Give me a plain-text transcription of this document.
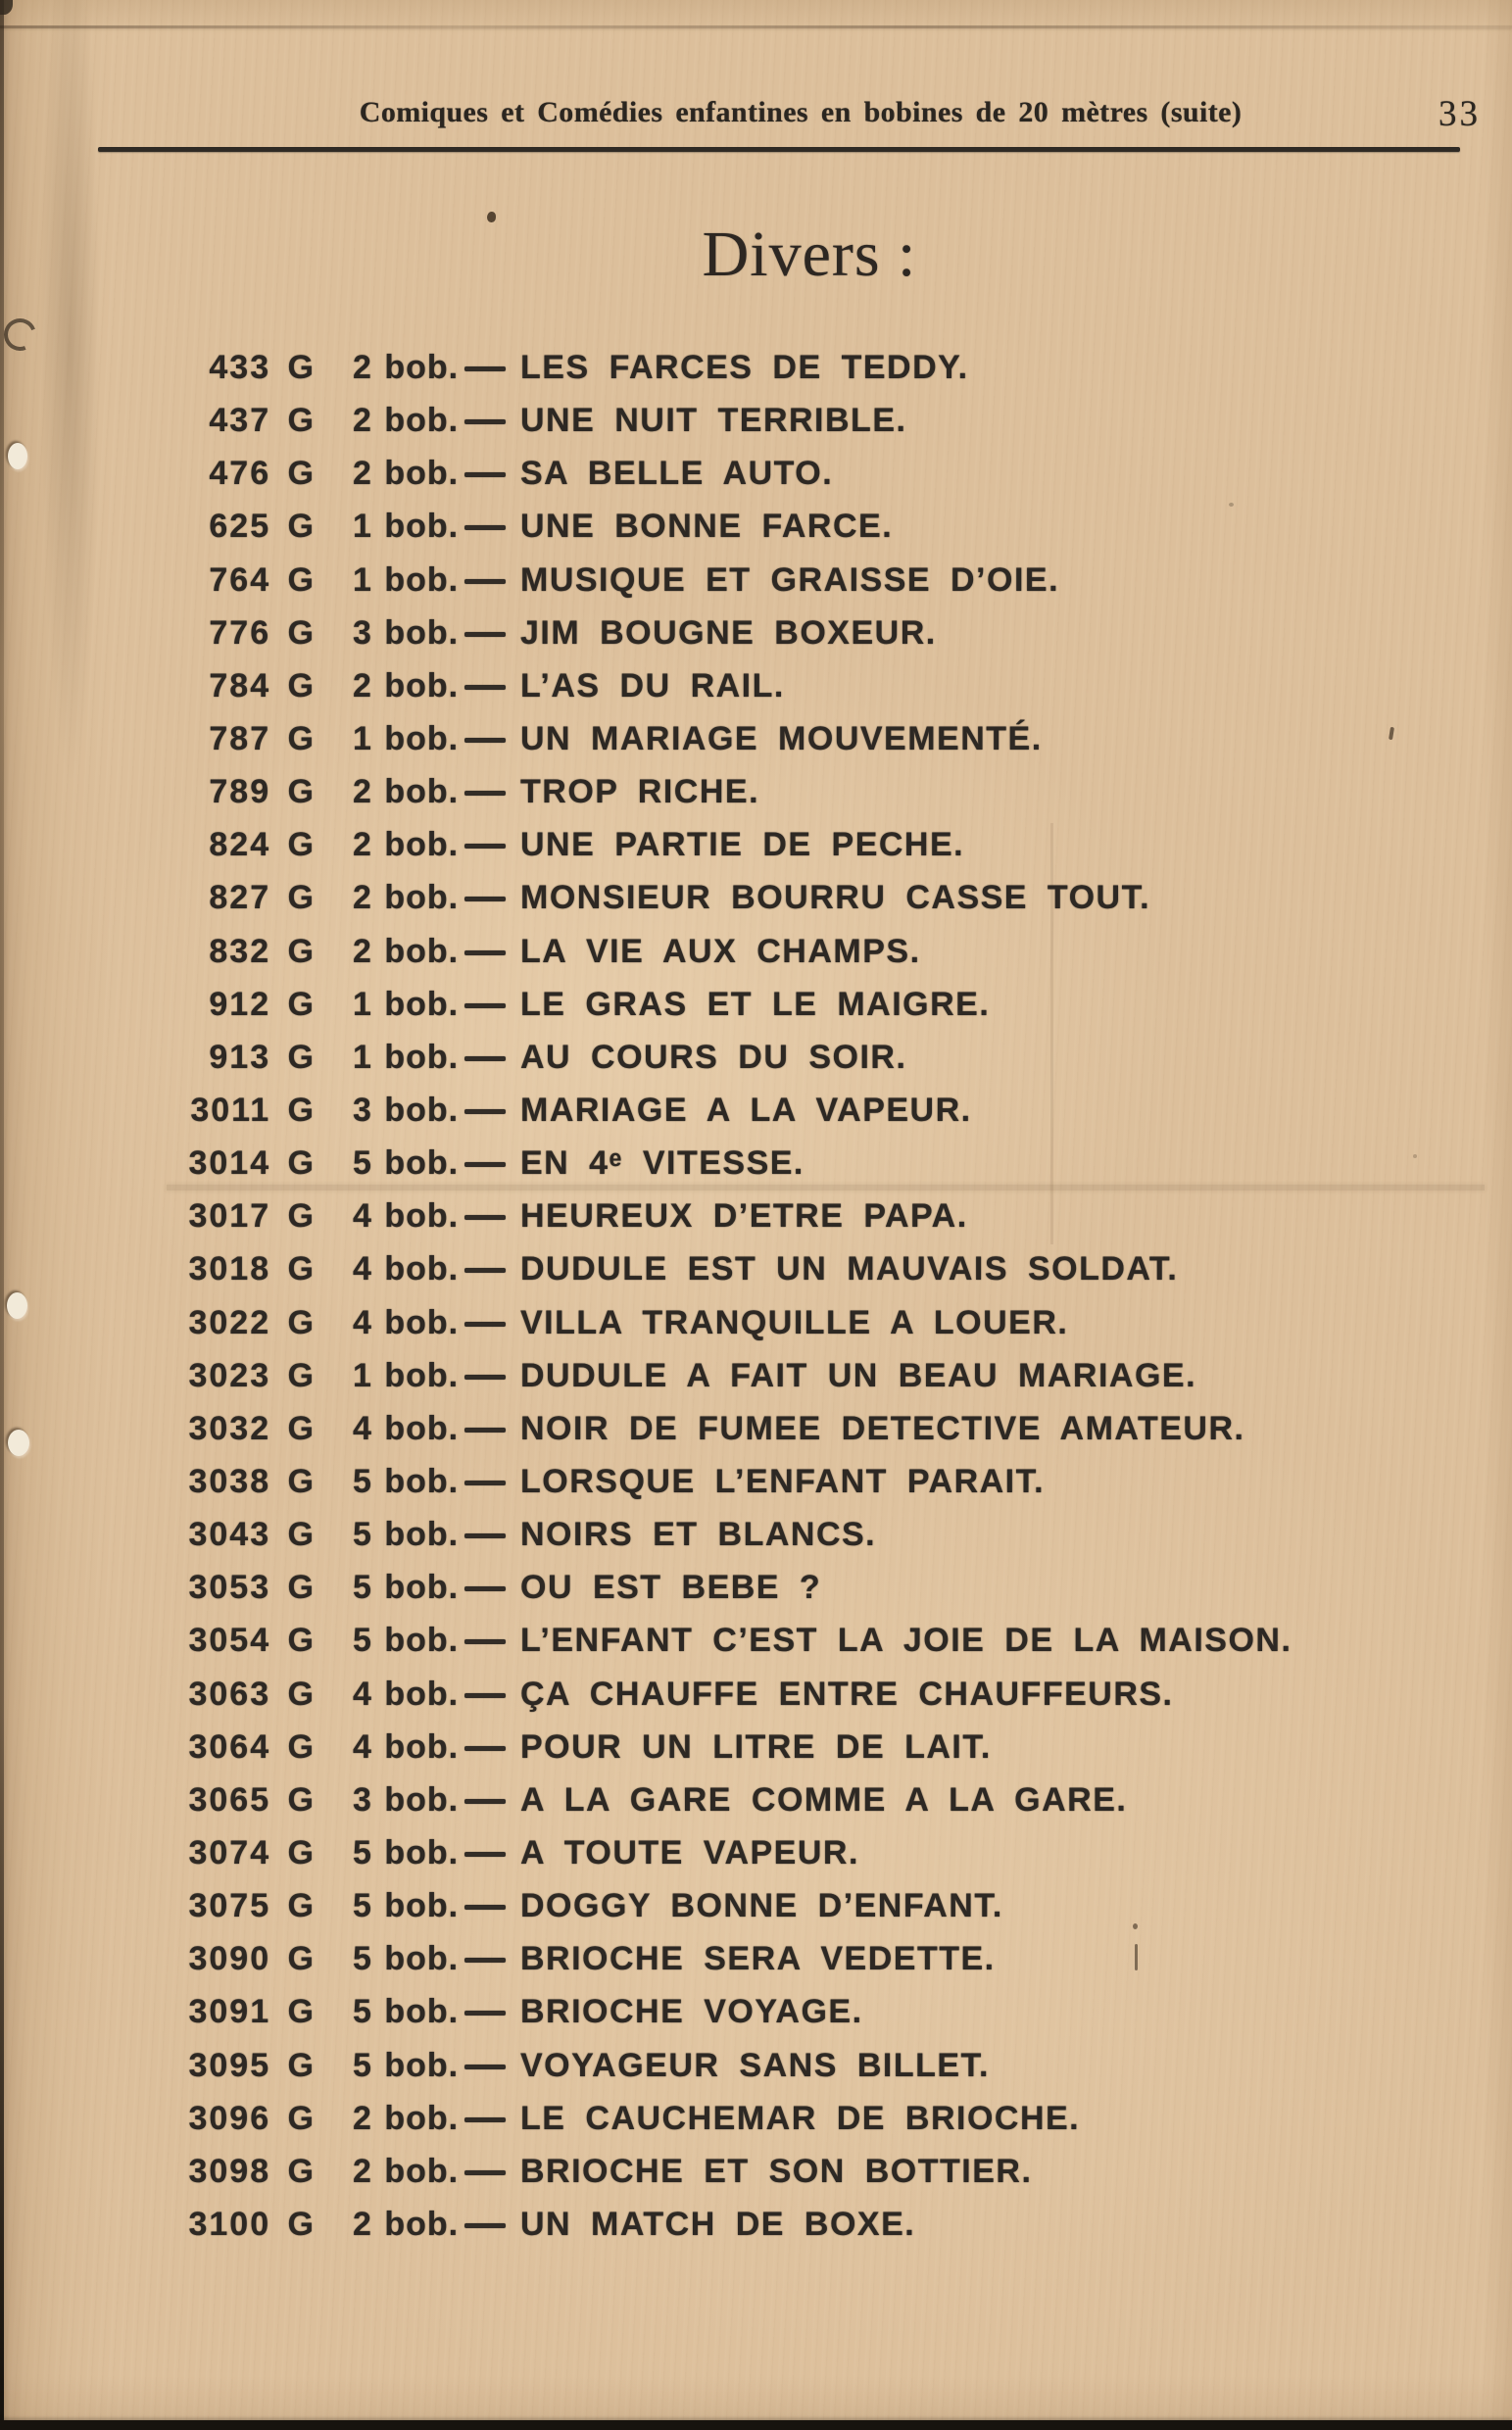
Comiques et Comédies enfantines en bobines de 20 mètres (suite)	33
Divers :
433 G 2 bob. LES FARCES DE TEDDY.
437 G 2 bob. UNE NUIT TERRIBLE.
476 G 2 bob. SA BELLE AUTO.
625 G 1 bob. UNE BONNE FARCE.
764 G 1 bob. MUSIQUE ET GRAISSE D’OIE.
776 G 3 bob. JIM BOUGNE BOXEUR.
784 G 2 bob. L’AS DU RAIL.
787 G 1 bob. UN MARIAGE MOUVEMENTÉ.
789 G 2 bob. TROP RICHE.
824 G 2 bob. UNE PARTIE DE PECHE.
827 G 2 bob. MONSIEUR BOURRU CASSE TOUT.
832 G 2 bob. LA VIE AUX CHAMPS.
912 G 1 bob. LE GRAS ET LE MAIGRE.
913 G 1 bob. AU COURS DU SOIR.
3011 G 3 bob. MARIAGE A LA VAPEUR.
3014 G 5 bob. EN 4ᵉ VITESSE.
3017 G 4 bob. HEUREUX D’ETRE PAPA.
3018 G 4 bob. DUDULE EST UN MAUVAIS SOLDAT.
3022 G 4 bob. VILLA TRANQUILLE A LOUER.
3023 G 1 bob. DUDULE A FAIT UN BEAU MARIAGE.
3032 G 4 bob. NOIR DE FUMEE DETECTIVE AMATEUR.
3038 G 5 bob. LORSQUE L’ENFANT PARAIT.
3043 G 5 bob. NOIRS ET BLANCS.
3053 G 5 bob. OU EST BEBE ?
3054 G 5 bob. L’ENFANT C’EST LA JOIE DE LA MAISON.
3063 G 4 bob. ÇA CHAUFFE ENTRE CHAUFFEURS.
3064 G 4 bob. POUR UN LITRE DE LAIT.
3065 G 3 bob. A LA GARE COMME A LA GARE.
3074 G 5 bob. A TOUTE VAPEUR.
3075 G 5 bob. DOGGY BONNE D’ENFANT.
3090 G 5 bob. BRIOCHE SERA VEDETTE.
3091 G 5 bob. BRIOCHE VOYAGE.
3095 G 5 bob. VOYAGEUR SANS BILLET.
3096 G 2 bob. LE CAUCHEMAR DE BRIOCHE.
3098 G 2 bob. BRIOCHE ET SON BOTTIER.
3100 G 2 bob. UN MATCH DE BOXE.
